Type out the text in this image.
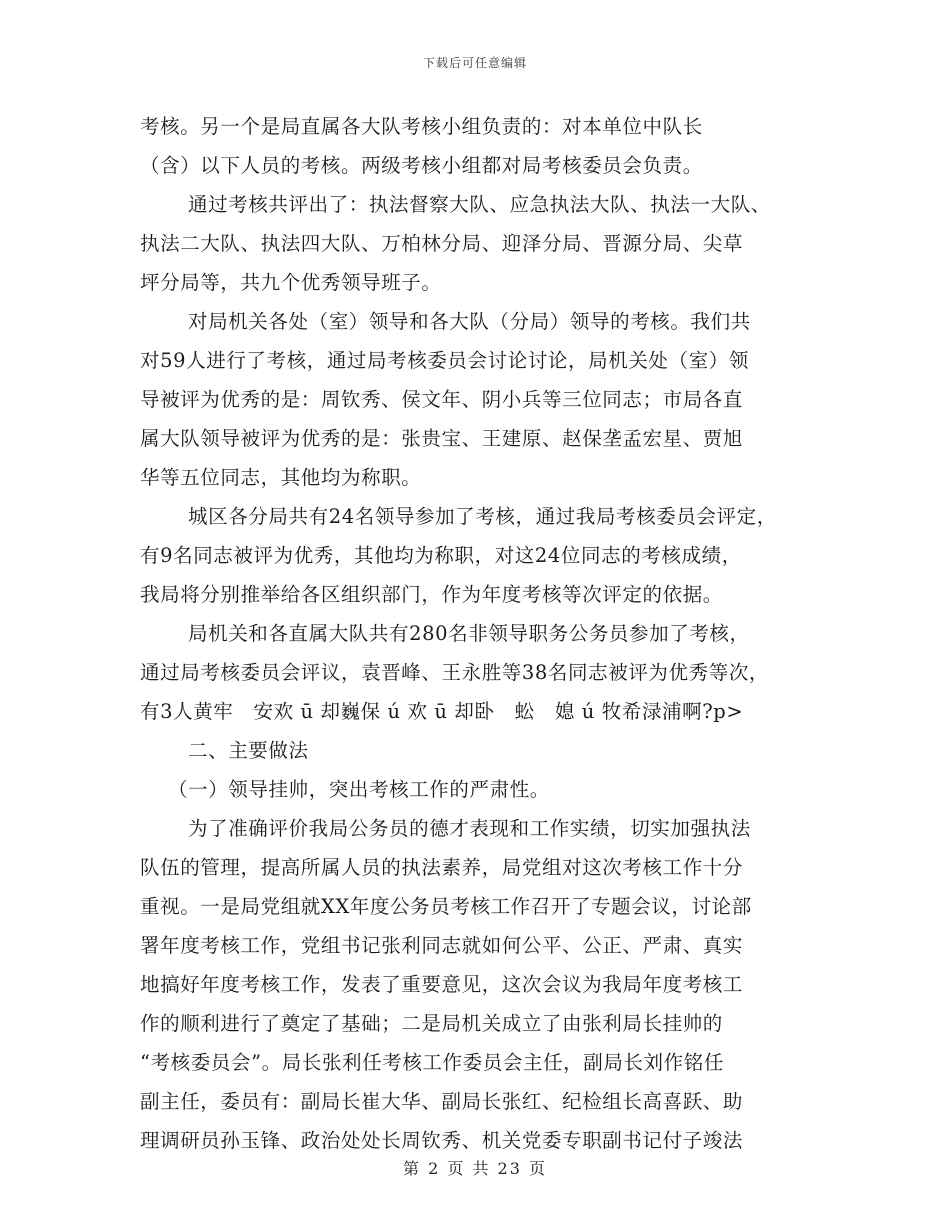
下载后可任意编辑
考核。另一个是局直属各大队考核小组负责的：对本单位中队长
（含）以下人员的考核。两级考核小组都对局考核委员会负责。
通过考核共评出了：执法督察大队、应急执法大队、执法一大队、
执法二大队、执法四大队、万柏林分局、迎泽分局、晋源分局、尖草
坪分局等，共九个优秀领导班子。
对局机关各处（室）领导和各大队（分局）领导的考核。我们共
对59人进行了考核，通过局考核委员会讨论讨论，局机关处（室）领
导被评为优秀的是：周钦秀、侯文年、阴小兵等三位同志；市局各直
属大队领导被评为优秀的是：张贵宝、王建原、赵保垄孟宏星、贾旭
华等五位同志，其他均为称职。
城区各分局共有24名领导参加了考核，通过我局考核委员会评定，
有9名同志被评为优秀，其他均为称职，对这24位同志的考核成绩，
我局将分别推举给各区组织部门，作为年度考核等次评定的依据。
局机关和各直属大队共有280名非领导职务公务员参加了考核，
通过局考核委员会评议，袁晋峰、王永胜等38名同志被评为优秀等次，
有3人黄牢　安欢 ū 却巍保 ú 欢 ū 却卧　蚣　媳 ú 牧希渌浦啊?p>
二、主要做法
（一）领导挂帅，突出考核工作的严肃性。
为了准确评价我局公务员的德才表现和工作实绩，切实加强执法
队伍的管理，提高所属人员的执法素养，局党组对这次考核工作十分
重视。一是局党组就XX年度公务员考核工作召开了专题会议，讨论部
署年度考核工作，党组书记张利同志就如何公平、公正、严肃、真实
地搞好年度考核工作，发表了重要意见，这次会议为我局年度考核工
作的顺利进行了奠定了基础；二是局机关成立了由张利局长挂帅的
“考核委员会”。局长张利任考核工作委员会主任，副局长刘作铭任
副主任，委员有：副局长崔大华、副局长张红、纪检组长高喜跃、助
理调研员孙玉锋、政治处处长周钦秀、机关党委专职副书记付子竣法
第 2 页 共 23 页
